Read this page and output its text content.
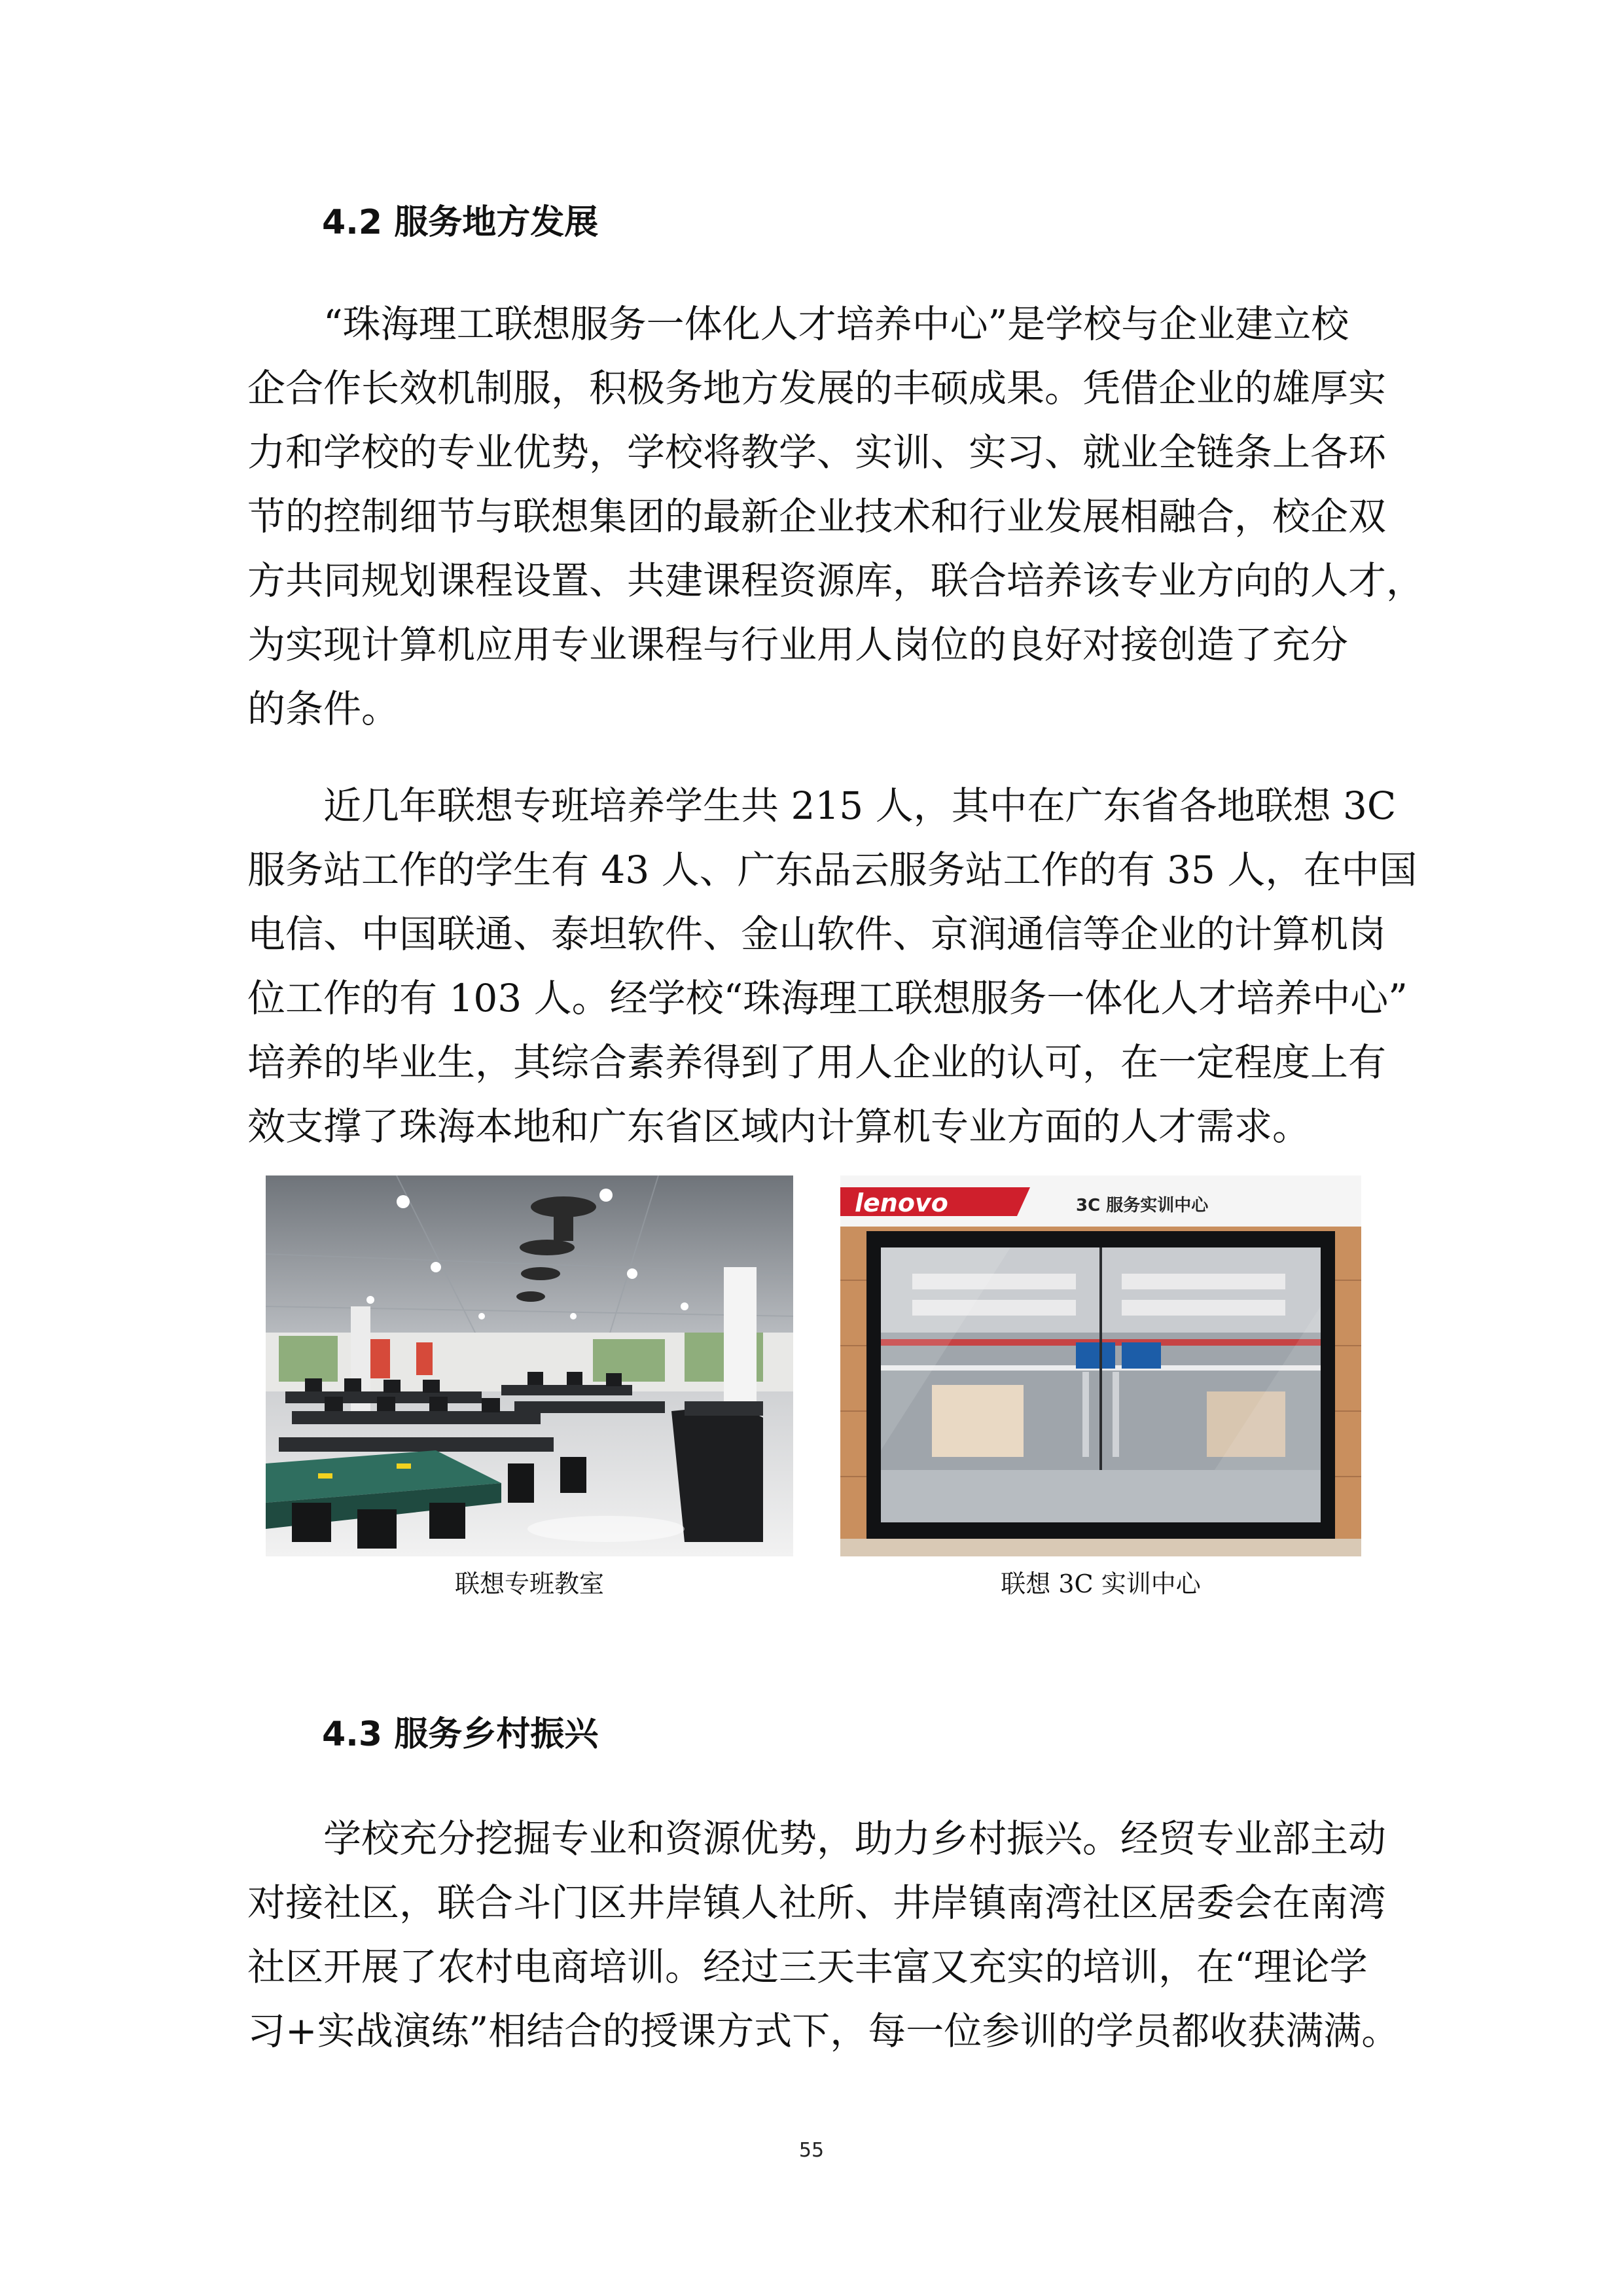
4.2 服务地方发展
“珠海理工联想服务一体化人才培养中心”是学校与企业建立校
企合作长效机制服，积极务地方发展的丰硕成果。凭借企业的雄厚实
力和学校的专业优势，学校将教学、实训、实习、就业全链条上各环
节的控制细节与联想集团的最新企业技术和行业发展相融合，校企双
方共同规划课程设置、共建课程资源库，联合培养该专业方向的人才，
为实现计算机应用专业课程与行业用人岗位的良好对接创造了充分
的条件。
近几年联想专班培养学生共 215 人，其中在广东省各地联想 3C
服务站工作的学生有 43 人、广东品云服务站工作的有 35 人，在中国
电信、中国联通、泰坦软件、金山软件、京润通信等企业的计算机岗
位工作的有 103 人。经学校“珠海理工联想服务一体化人才培养中心”
培养的毕业生，其综合素养得到了用人企业的认可，在一定程度上有
效支撑了珠海本地和广东省区域内计算机专业方面的人才需求。
lenovo	3C 服务实训中心
联想专班教室	联想 3C 实训中心
4.3 服务乡村振兴
学校充分挖掘专业和资源优势，助力乡村振兴。经贸专业部主动
对接社区，联合斗门区井岸镇人社所、井岸镇南湾社区居委会在南湾
社区开展了农村电商培训。经过三天丰富又充实的培训，在“理论学
习+实战演练”相结合的授课方式下，每一位参训的学员都收获满满。
55
